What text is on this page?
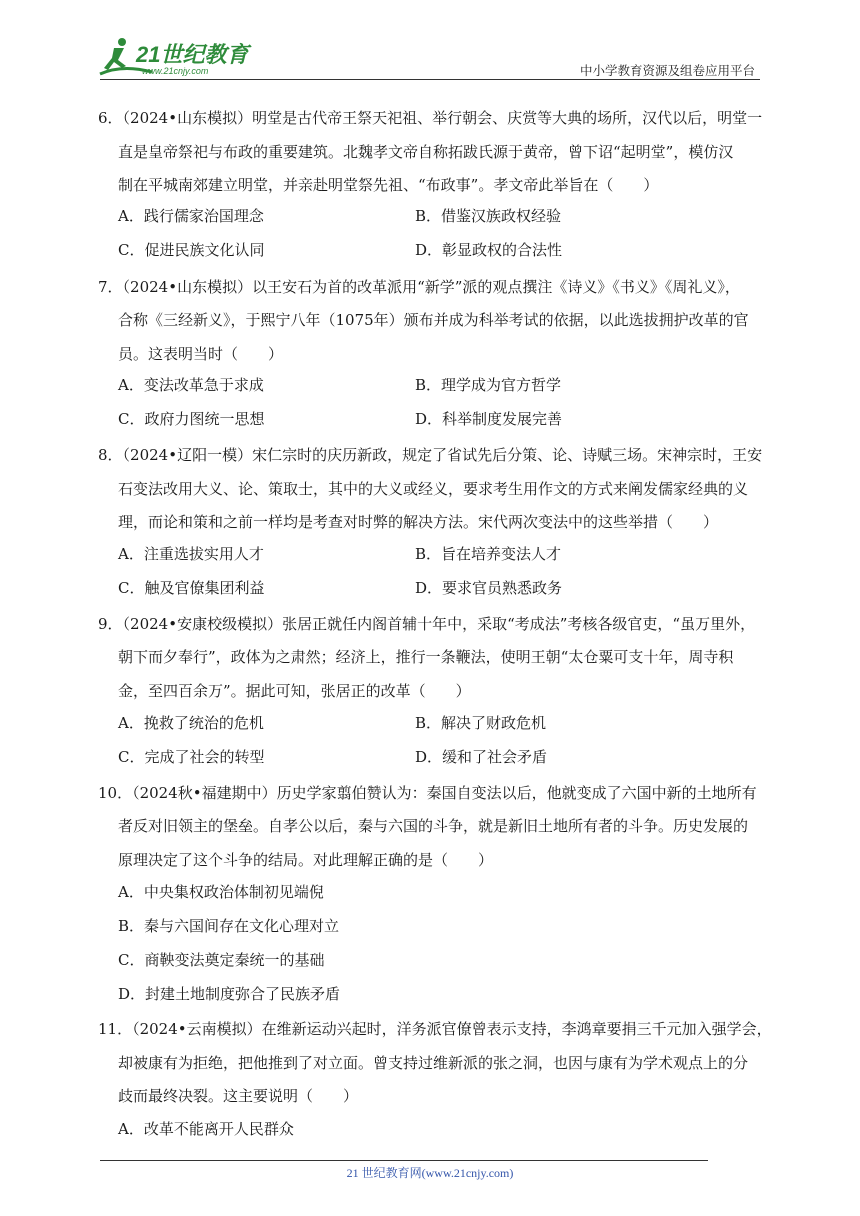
21世纪教育
www.21cnjy.com	中小学教育资源及组卷应用平台
6．（2024•山东模拟）明堂是古代帝王祭天祀祖、举行朝会、庆赏等大典的场所，汉代以后，明堂一
直是皇帝祭祀与布政的重要建筑。北魏孝文帝自称拓跋氏源于黄帝，曾下诏“起明堂”，模仿汉
制在平城南郊建立明堂，并亲赴明堂祭先祖、“布政事”。孝文帝此举旨在（　　）
A．践行儒家治国理念	B．借鉴汉族政权经验
C．促进民族文化认同	D．彰显政权的合法性
7．（2024•山东模拟）以王安石为首的改革派用“新学”派的观点撰注《诗义》《书义》《周礼义》，
合称《三经新义》，于熙宁八年（1075年）颁布并成为科举考试的依据，以此选拔拥护改革的官
员。这表明当时（　　）
A．变法改革急于求成	B．理学成为官方哲学
C．政府力图统一思想	D．科举制度发展完善
8．（2024•辽阳一模）宋仁宗时的庆历新政，规定了省试先后分策、论、诗赋三场。宋神宗时，王安
石变法改用大义、论、策取士，其中的大义或经义，要求考生用作文的方式来阐发儒家经典的义
理，而论和策和之前一样均是考查对时弊的解决方法。宋代两次变法中的这些举措（　　）
A．注重选拔实用人才	B．旨在培养变法人才
C．触及官僚集团利益	D．要求官员熟悉政务
9．（2024•安康校级模拟）张居正就任内阁首辅十年中，采取“考成法”考核各级官吏，“虽万里外，
朝下而夕奉行”，政体为之肃然；经济上，推行一条鞭法，使明王朝“太仓粟可支十年，周寺积
金，至四百余万”。据此可知，张居正的改革（　　）
A．挽救了统治的危机	B．解决了财政危机
C．完成了社会的转型	D．缓和了社会矛盾
10．（2024秋•福建期中）历史学家翦伯赞认为：秦国自变法以后，他就变成了六国中新的土地所有
者反对旧领主的堡垒。自孝公以后，秦与六国的斗争，就是新旧土地所有者的斗争。历史发展的
原理决定了这个斗争的结局。对此理解正确的是（　　）
A．中央集权政治体制初见端倪
B．秦与六国间存在文化心理对立
C．商鞅变法奠定秦统一的基础
D．封建土地制度弥合了民族矛盾
11．（2024•云南模拟）在维新运动兴起时，洋务派官僚曾表示支持，李鸿章要捐三千元加入强学会，
却被康有为拒绝，把他推到了对立面。曾支持过维新派的张之洞，也因与康有为学术观点上的分
歧而最终决裂。这主要说明（　　）
A．改革不能离开人民群众
21 世纪教育网(www.21cnjy.com)
